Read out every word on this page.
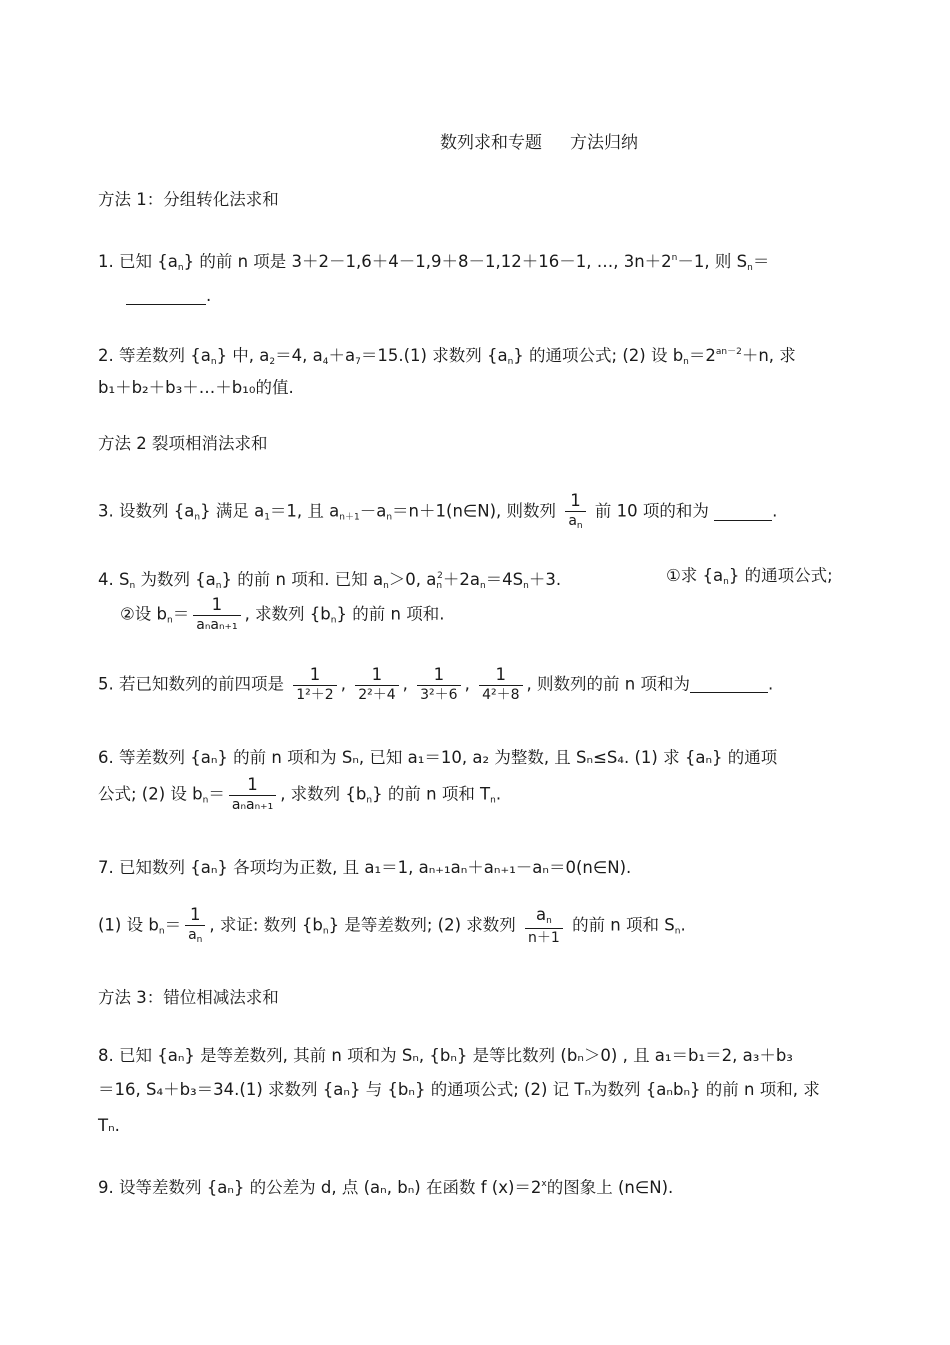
数列求和专题 方法归纳
方法 1：分组转化法求和
1. 已知 $\{a_n\}$ 的前 n 项是 3＋2－1,6＋4－1,9＋8－1,12＋16－1, …, $3n+2^n-1$, 则 $S_n=$
.
2. 等差数列 $\{a_n\}$ 中, $a_2=4$, $a_4+a_7=15.(1)$ 求数列 $\{a_n\}$ 的通项公式; (2) 设 $b_n=2^{an-2}+n$, 求
b₁＋b₂＋b₃＋…＋b₁₀的值.
方法 2 裂项相消法求和
3. 设数列 $\{a_n\}$ 满足 $a_1=1$, 且 $a_{n+1}-a_n=n+1(n\in N)$, 则数列 $\frac{1}{a_n}$ 前 10 项的和为	.
4. $S_n$ 为数列 $\{a_n\}$ 的前 n 项和. 已知 $a_n>0$, $a_n^2+2a_n=4S_n+3$.	①求 $\{a_n\}$ 的通项公式;
②设 $b_n= \frac{1}{\text{aₙaₙ₊₁}}$ , 求数列 $\{b_n\}$ 的前 n 项和.
5. 若已知数列的前四项是 $\frac{1}{\text{1²＋2}}$ , $\frac{1}{\text{2²＋4}}$ , $\frac{1}{\text{3²＋6}}$ , $\frac{1}{\text{4²＋8}}$ , 则数列的前 n 项和为	.
6. 等差数列 {aₙ} 的前 n 项和为 Sₙ, 已知 a₁＝10, a₂ 为整数, 且 Sₙ≤S₄. (1) 求 {aₙ} 的通项
公式; (2) 设 $b_n= \frac{1}{\text{aₙaₙ₊₁}}$ , 求数列 $\{b_n\}$ 的前 n 项和 $T_n$.
7. 已知数列 {aₙ} 各项均为正数, 且 a₁＝1, aₙ₊₁aₙ＋aₙ₊₁－aₙ＝0(n∈N).
(1) 设 $b_n= \frac{1}{a_n}$ , 求证: 数列 $\{b_n\}$ 是等差数列; (2) 求数列 $\frac{a_n}{n+1}$ 的前 n 项和 $S_n$.
方法 3：错位相减法求和
8. 已知 {aₙ} 是等差数列, 其前 n 项和为 Sₙ, {bₙ} 是等比数列 (bₙ＞0) , 且 a₁＝b₁＝2, a₃＋b₃
＝16, S₄＋b₃＝34.(1) 求数列 {aₙ} 与 {bₙ} 的通项公式; (2) 记 Tₙ为数列 {aₙbₙ} 的前 n 项和, 求
Tₙ.
9. 设等差数列 {aₙ} 的公差为 d, 点 (aₙ, bₙ) 在函数 f $(x)=2^x$的图象上 (n∈N).
